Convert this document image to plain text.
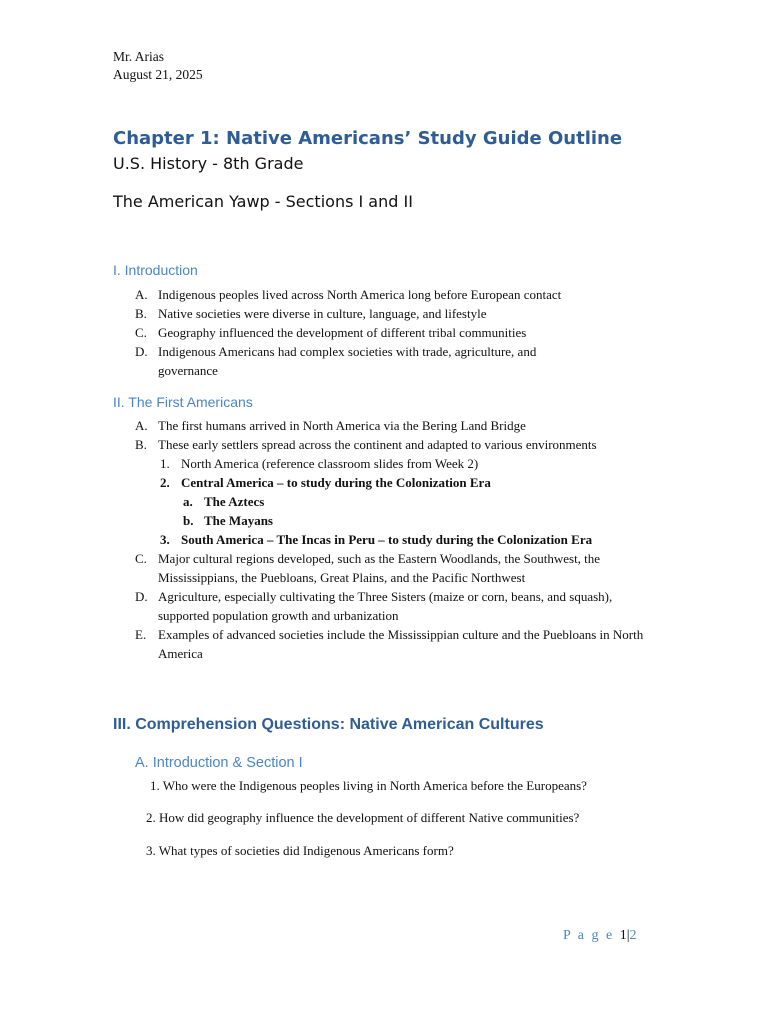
Mr. Arias
August 21, 2025
Chapter 1: Native Americans’ Study Guide Outline
U.S. History - 8th Grade
The American Yawp - Sections I and II
I. Introduction
A. Indigenous peoples lived across North America long before European contact
B. Native societies were diverse in culture, language, and lifestyle
C. Geography influenced the development of different tribal communities
D. Indigenous Americans had complex societies with trade, agriculture, and governance
II. The First Americans
A. The first humans arrived in North America via the Bering Land Bridge
B. These early settlers spread across the continent and adapted to various environments
1. North America (reference classroom slides from Week 2)
2. Central America – to study during the Colonization Era
a. The Aztecs
b. The Mayans
3. South America – The Incas in Peru – to study during the Colonization Era
C. Major cultural regions developed, such as the Eastern Woodlands, the Southwest, the Mississippians, the Puebloans, Great Plains, and the Pacific Northwest
D. Agriculture, especially cultivating the Three Sisters (maize or corn, beans, and squash), supported population growth and urbanization
E. Examples of advanced societies include the Mississippian culture and the Puebloans in North America
III. Comprehension Questions: Native American Cultures
A. Introduction & Section I
1. Who were the Indigenous peoples living in North America before the Europeans?
2. How did geography influence the development of different Native communities?
3. What types of societies did Indigenous Americans form?
P a g e 1|2
